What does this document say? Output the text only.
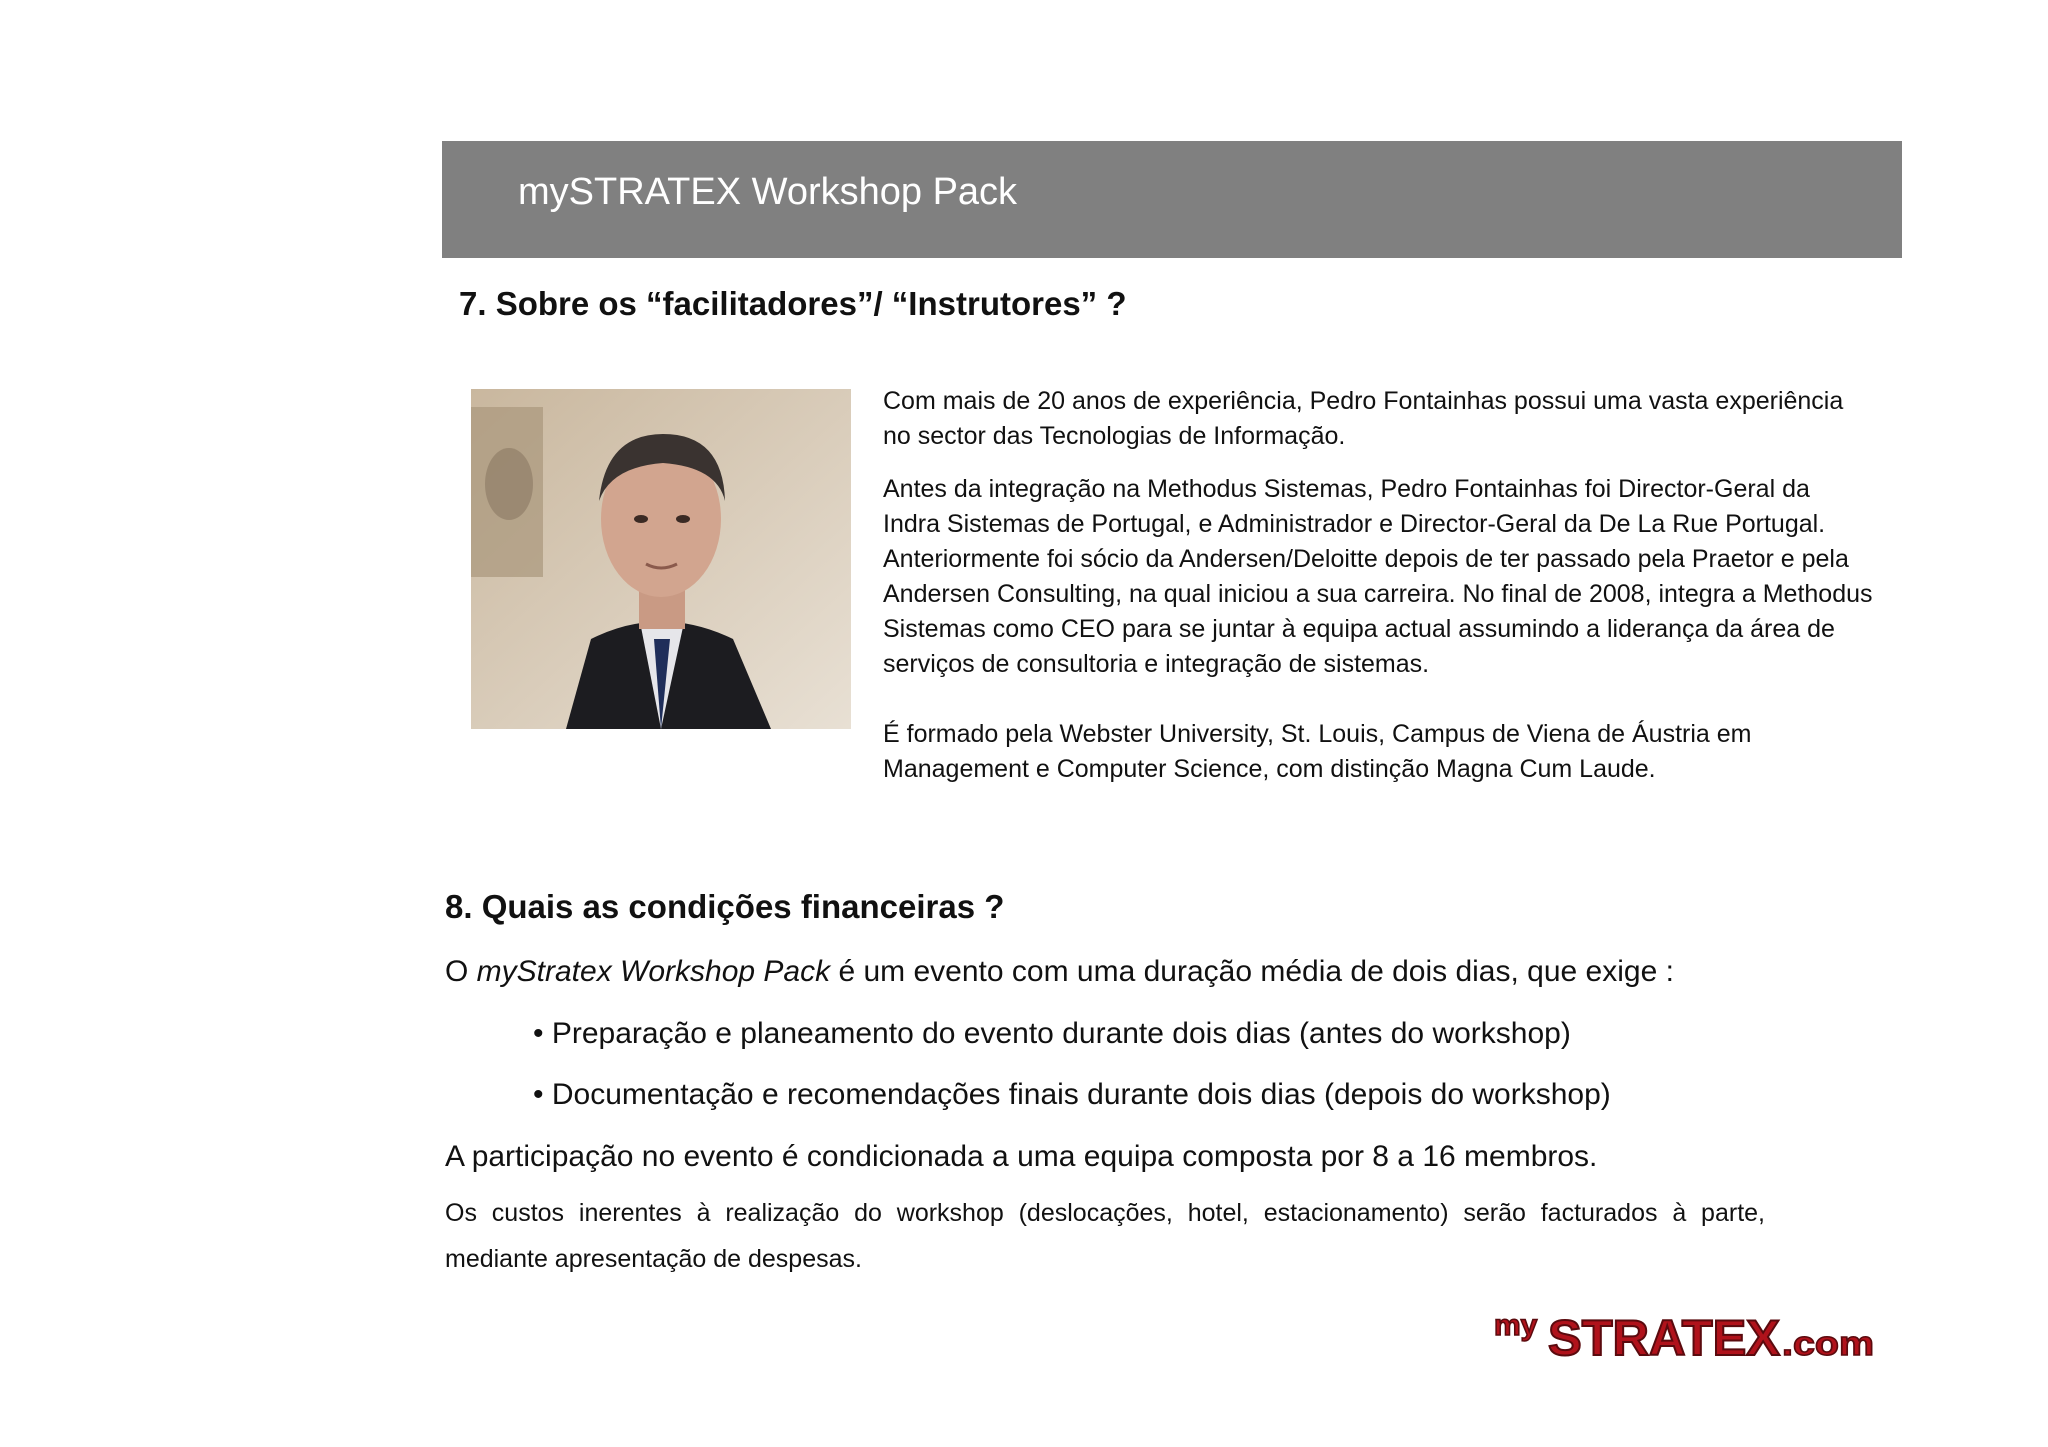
mySTRATEX Workshop Pack
7. Sobre os “facilitadores”/ “Instrutores” ?

Com mais de 20 anos de experiência, Pedro Fontainhas possui uma vasta experiência no sector das Tecnologias de Informação.

Antes da integração na Methodus Sistemas, Pedro Fontainhas foi Director-Geral da Indra Sistemas de Portugal, e Administrador e Director-Geral da De La Rue Portugal.

Anteriormente foi sócio da Andersen/Deloitte depois de ter passado pela Praetor e pela Andersen Consulting, na qual iniciou a sua carreira. No final de 2008, integra a Methodus Sistemas como CEO para se juntar à equipa actual assumindo a liderança da área de serviços de consultoria e integração de sistemas.

É formado pela Webster University, St. Louis, Campus de Viena de Áustria em Management e Computer Science, com distinção Magna Cum Laude.

8. Quais as condições financeiras ?
O myStratex Workshop Pack é um evento com uma duração média de dois dias, que exige :
• Preparação e planeamento do evento durante dois dias (antes do workshop)
• Documentação e recomendações finais durante dois dias (depois do workshop)
A participação no evento é condicionada a uma equipa composta por 8 a 16 membros.
Os custos inerentes à realização do workshop (deslocações, hotel, estacionamento) serão facturados à parte, mediante apresentação de despesas.
my STRATEX .com
